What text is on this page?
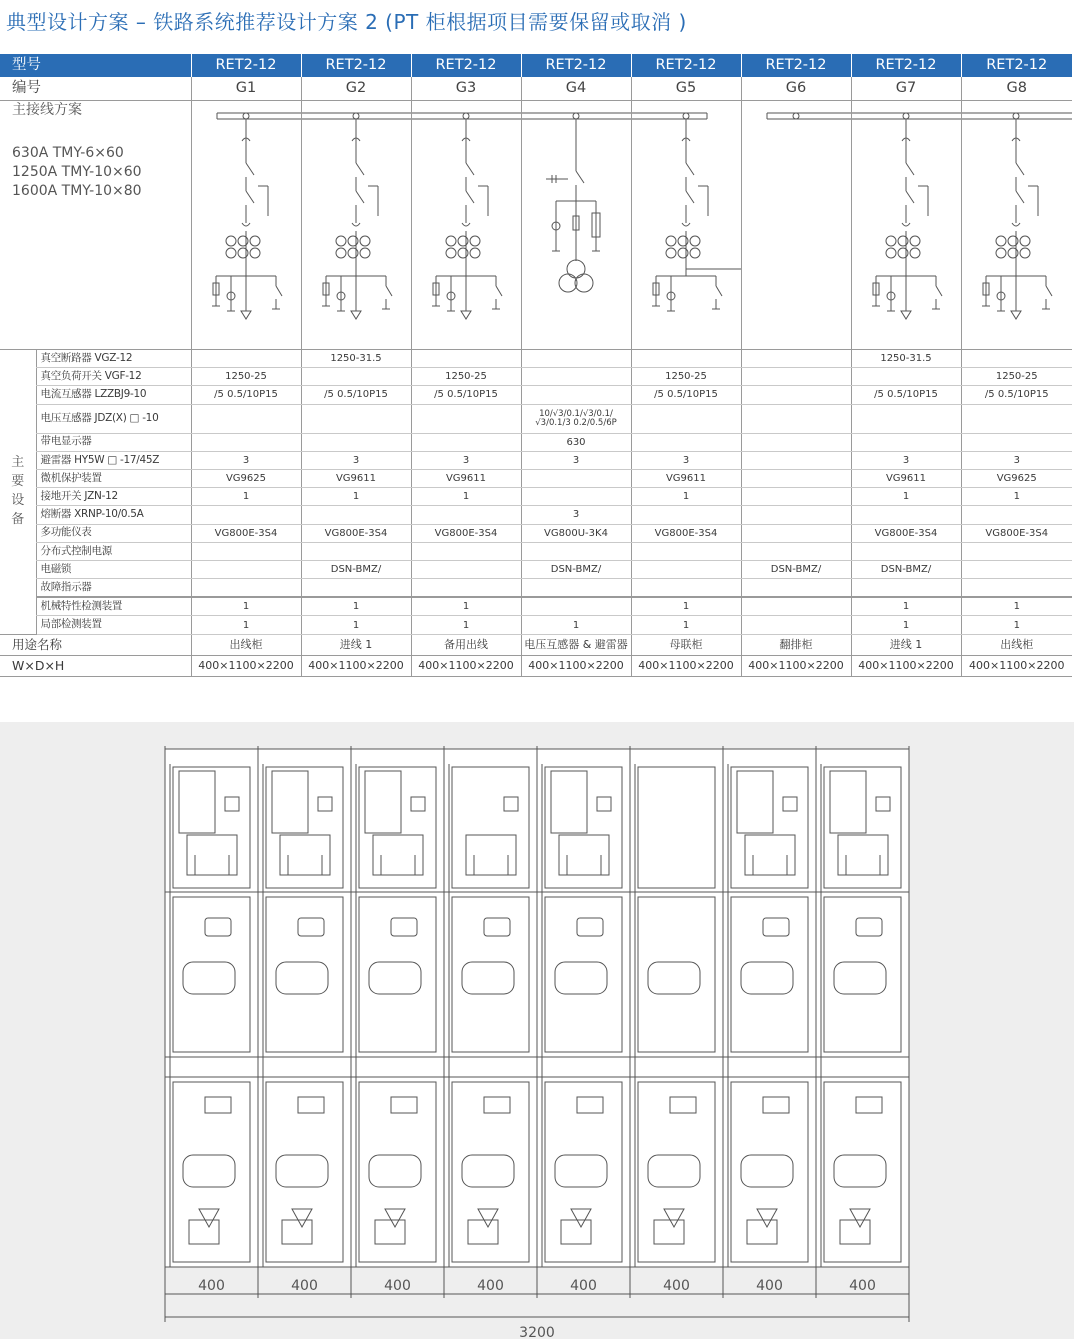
典型设计方案 – 铁路系统推荐设计方案 2 (PT 柜根据项目需要保留或取消 )
型号		RET2-12	RET2-12	RET2-12	RET2-12	RET2-12	RET2-12	RET2-12	RET2-12
编号		G1	G2	G3	G4	G5	G6	G7	G8

主接线方案
630A TMY-6×60
1250A TMY-10×60
1600A TMY-10×80

主
要
设
备	真空断路器 VGZ-12		1250-31.5					1250-31.5	
	真空负荷开关 VGF-12	1250-25		1250-25		1250-25			1250-25
	电流互感器 LZZBJ9-10	/5 0.5/10P15	/5 0.5/10P15	/5 0.5/10P15		/5 0.5/10P15		/5 0.5/10P15	/5 0.5/10P15
	电压互感器 JDZ(X) □ -10				10/√3/0.1/√3/0.1/√3/0.1/3 0.2/0.5/6P				
	带电显示器				630				
	避雷器 HY5W □ -17/45Z	3	3	3	3	3		3	3
	微机保护装置	VG9625	VG9611	VG9611		VG9611		VG9611	VG9625
	接地开关 JZN-12	1	1	1		1		1	1
	熔断器 XRNP-10/0.5A				3				
	多功能仪表	VG800E-3S4	VG800E-3S4	VG800E-3S4	VG800U-3K4	VG800E-3S4		VG800E-3S4	VG800E-3S4
	分布式控制电源								
	电磁锁		DSN-BMZ/		DSN-BMZ/		DSN-BMZ/	DSN-BMZ/	
	故障指示器								
	机械特性检测装置	1	1	1		1		1	1
	局部检测装置	1	1	1	1	1		1	1
用途名称		出线柜	进线 1	备用出线	电压互感器 & 避雷器	母联柜	翻排柜	进线 1	出线柜
W×D×H		400×1100×2200	400×1100×2200	400×1100×2200	400×1100×2200	400×1100×2200	400×1100×2200	400×1100×2200	400×1100×2200
400	400	400	400	400	400	400	400
3200
